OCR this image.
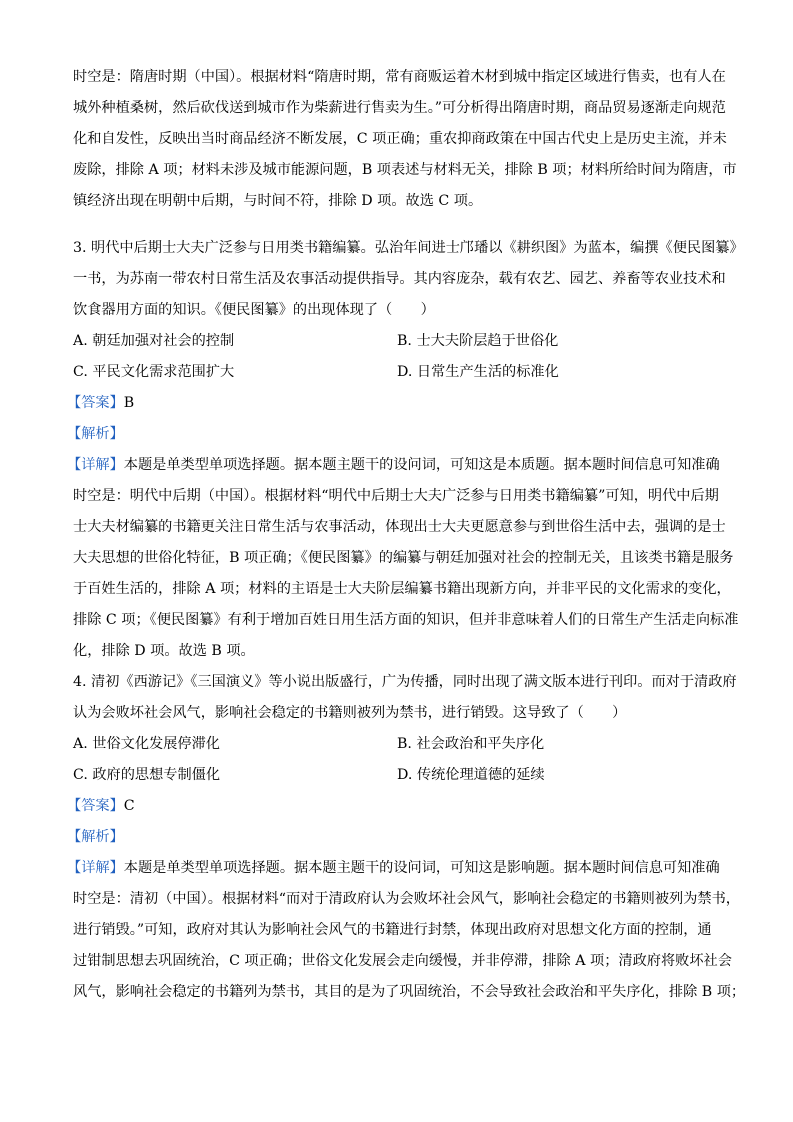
时空是：隋唐时期（中国）。根据材料“隋唐时期，常有商贩运着木材到城中指定区域进行售卖，也有人在
城外种植桑树，然后砍伐送到城市作为柴薪进行售卖为生。”可分析得出隋唐时期，商品贸易逐渐走向规范
化和自发性，反映出当时商品经济不断发展，C 项正确；重农抑商政策在中国古代史上是历史主流，并未
废除，排除 A 项；材料未涉及城市能源问题，B 项表述与材料无关，排除 B 项；材料所给时间为隋唐，市
镇经济出现在明朝中后期，与时间不符，排除 D 项。故选 C 项。
3. 明代中后期士大夫广泛参与日用类书籍编纂。弘治年间进士邝璠以《耕织图》为蓝本，编撰《便民图纂》
一书，为苏南一带农村日常生活及农事活动提供指导。其内容庞杂，载有农艺、园艺、养畜等农业技术和
饮食器用方面的知识。《便民图纂》的出现体现了（　　）
A. 朝廷加强对社会的控制	B. 士大夫阶层趋于世俗化
C. 平民文化需求范围扩大	D. 日常生产生活的标准化
【答案】B
【解析】
【详解】本题是单类型单项选择题。据本题主题干的设问词，可知这是本质题。据本题时间信息可知准确
时空是：明代中后期（中国）。根据材料“明代中后期士大夫广泛参与日用类书籍编纂”可知，明代中后期
士大夫材编纂的书籍更关注日常生活与农事活动，体现出士大夫更愿意参与到世俗生活中去，强调的是士
大夫思想的世俗化特征，B 项正确；《便民图纂》的编纂与朝廷加强对社会的控制无关，且该类书籍是服务
于百姓生活的，排除 A 项；材料的主语是士大夫阶层编纂书籍出现新方向，并非平民的文化需求的变化，
排除 C 项；《便民图纂》有利于增加百姓日用生活方面的知识，但并非意味着人们的日常生产生活走向标准
化，排除 D 项。故选 B 项。
4. 清初《西游记》《三国演义》等小说出版盛行，广为传播，同时出现了满文版本进行刊印。而对于清政府
认为会败坏社会风气，影响社会稳定的书籍则被列为禁书，进行销毁。这导致了（　　）
A. 世俗文化发展停滞化	B. 社会政治和平失序化
C. 政府的思想专制僵化	D. 传统伦理道德的延续
【答案】C
【解析】
【详解】本题是单类型单项选择题。据本题主题干的设问词，可知这是影响题。据本题时间信息可知准确
时空是：清初（中国）。根据材料“而对于清政府认为会败坏社会风气，影响社会稳定的书籍则被列为禁书，
进行销毁。”可知，政府对其认为影响社会风气的书籍进行封禁，体现出政府对思想文化方面的控制，通
过钳制思想去巩固统治，C 项正确；世俗文化发展会走向缓慢，并非停滞，排除 A 项；清政府将败坏社会
风气，影响社会稳定的书籍列为禁书，其目的是为了巩固统治，不会导致社会政治和平失序化，排除 B 项；
